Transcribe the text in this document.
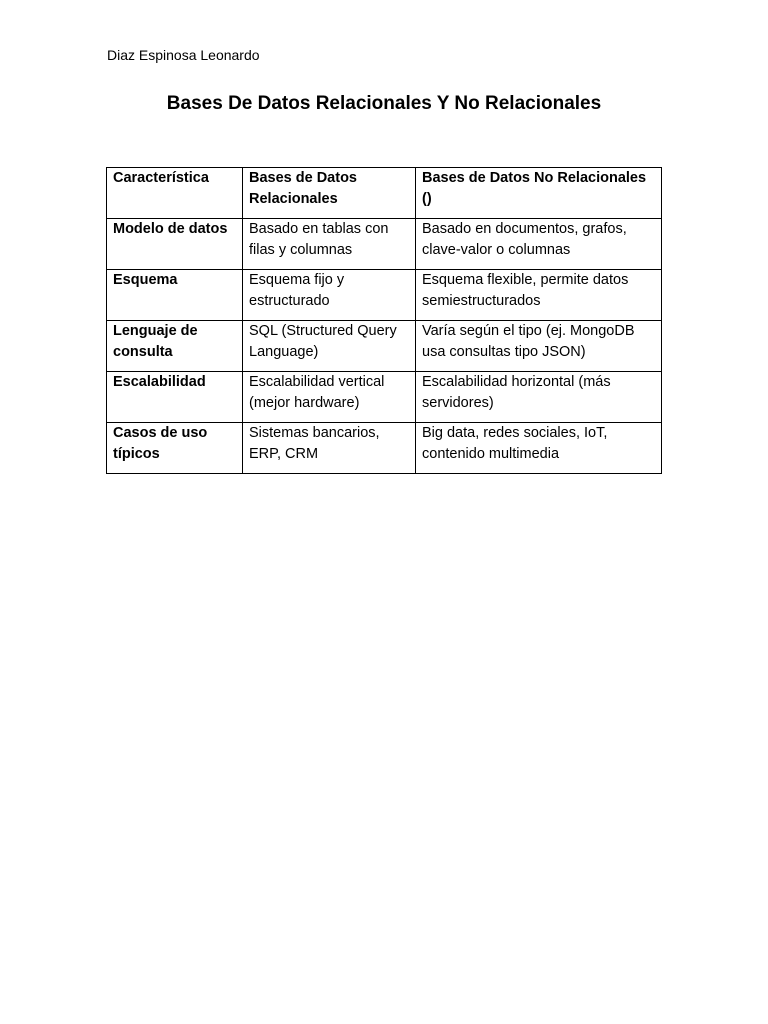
Diaz Espinosa Leonardo

Bases De Datos Relacionales Y No Relacionales
Característica	Bases de Datos Relacionales	Bases de Datos No Relacionales ()

Modelo de datos	Basado en tablas con filas y columnas	Basado en documentos, grafos, clave-valor o columnas

Esquema	Esquema fijo y estructurado	Esquema flexible, permite datos semiestructurados

Lenguaje de consulta	SQL (Structured Query Language)	Varía según el tipo (ej. MongoDB usa consultas tipo JSON)

Escalabilidad	Escalabilidad vertical (mejor hardware)	Escalabilidad horizontal (más servidores)

Casos de uso típicos	Sistemas bancarios, ERP, CRM	Big data, redes sociales, IoT, contenido multimedia
